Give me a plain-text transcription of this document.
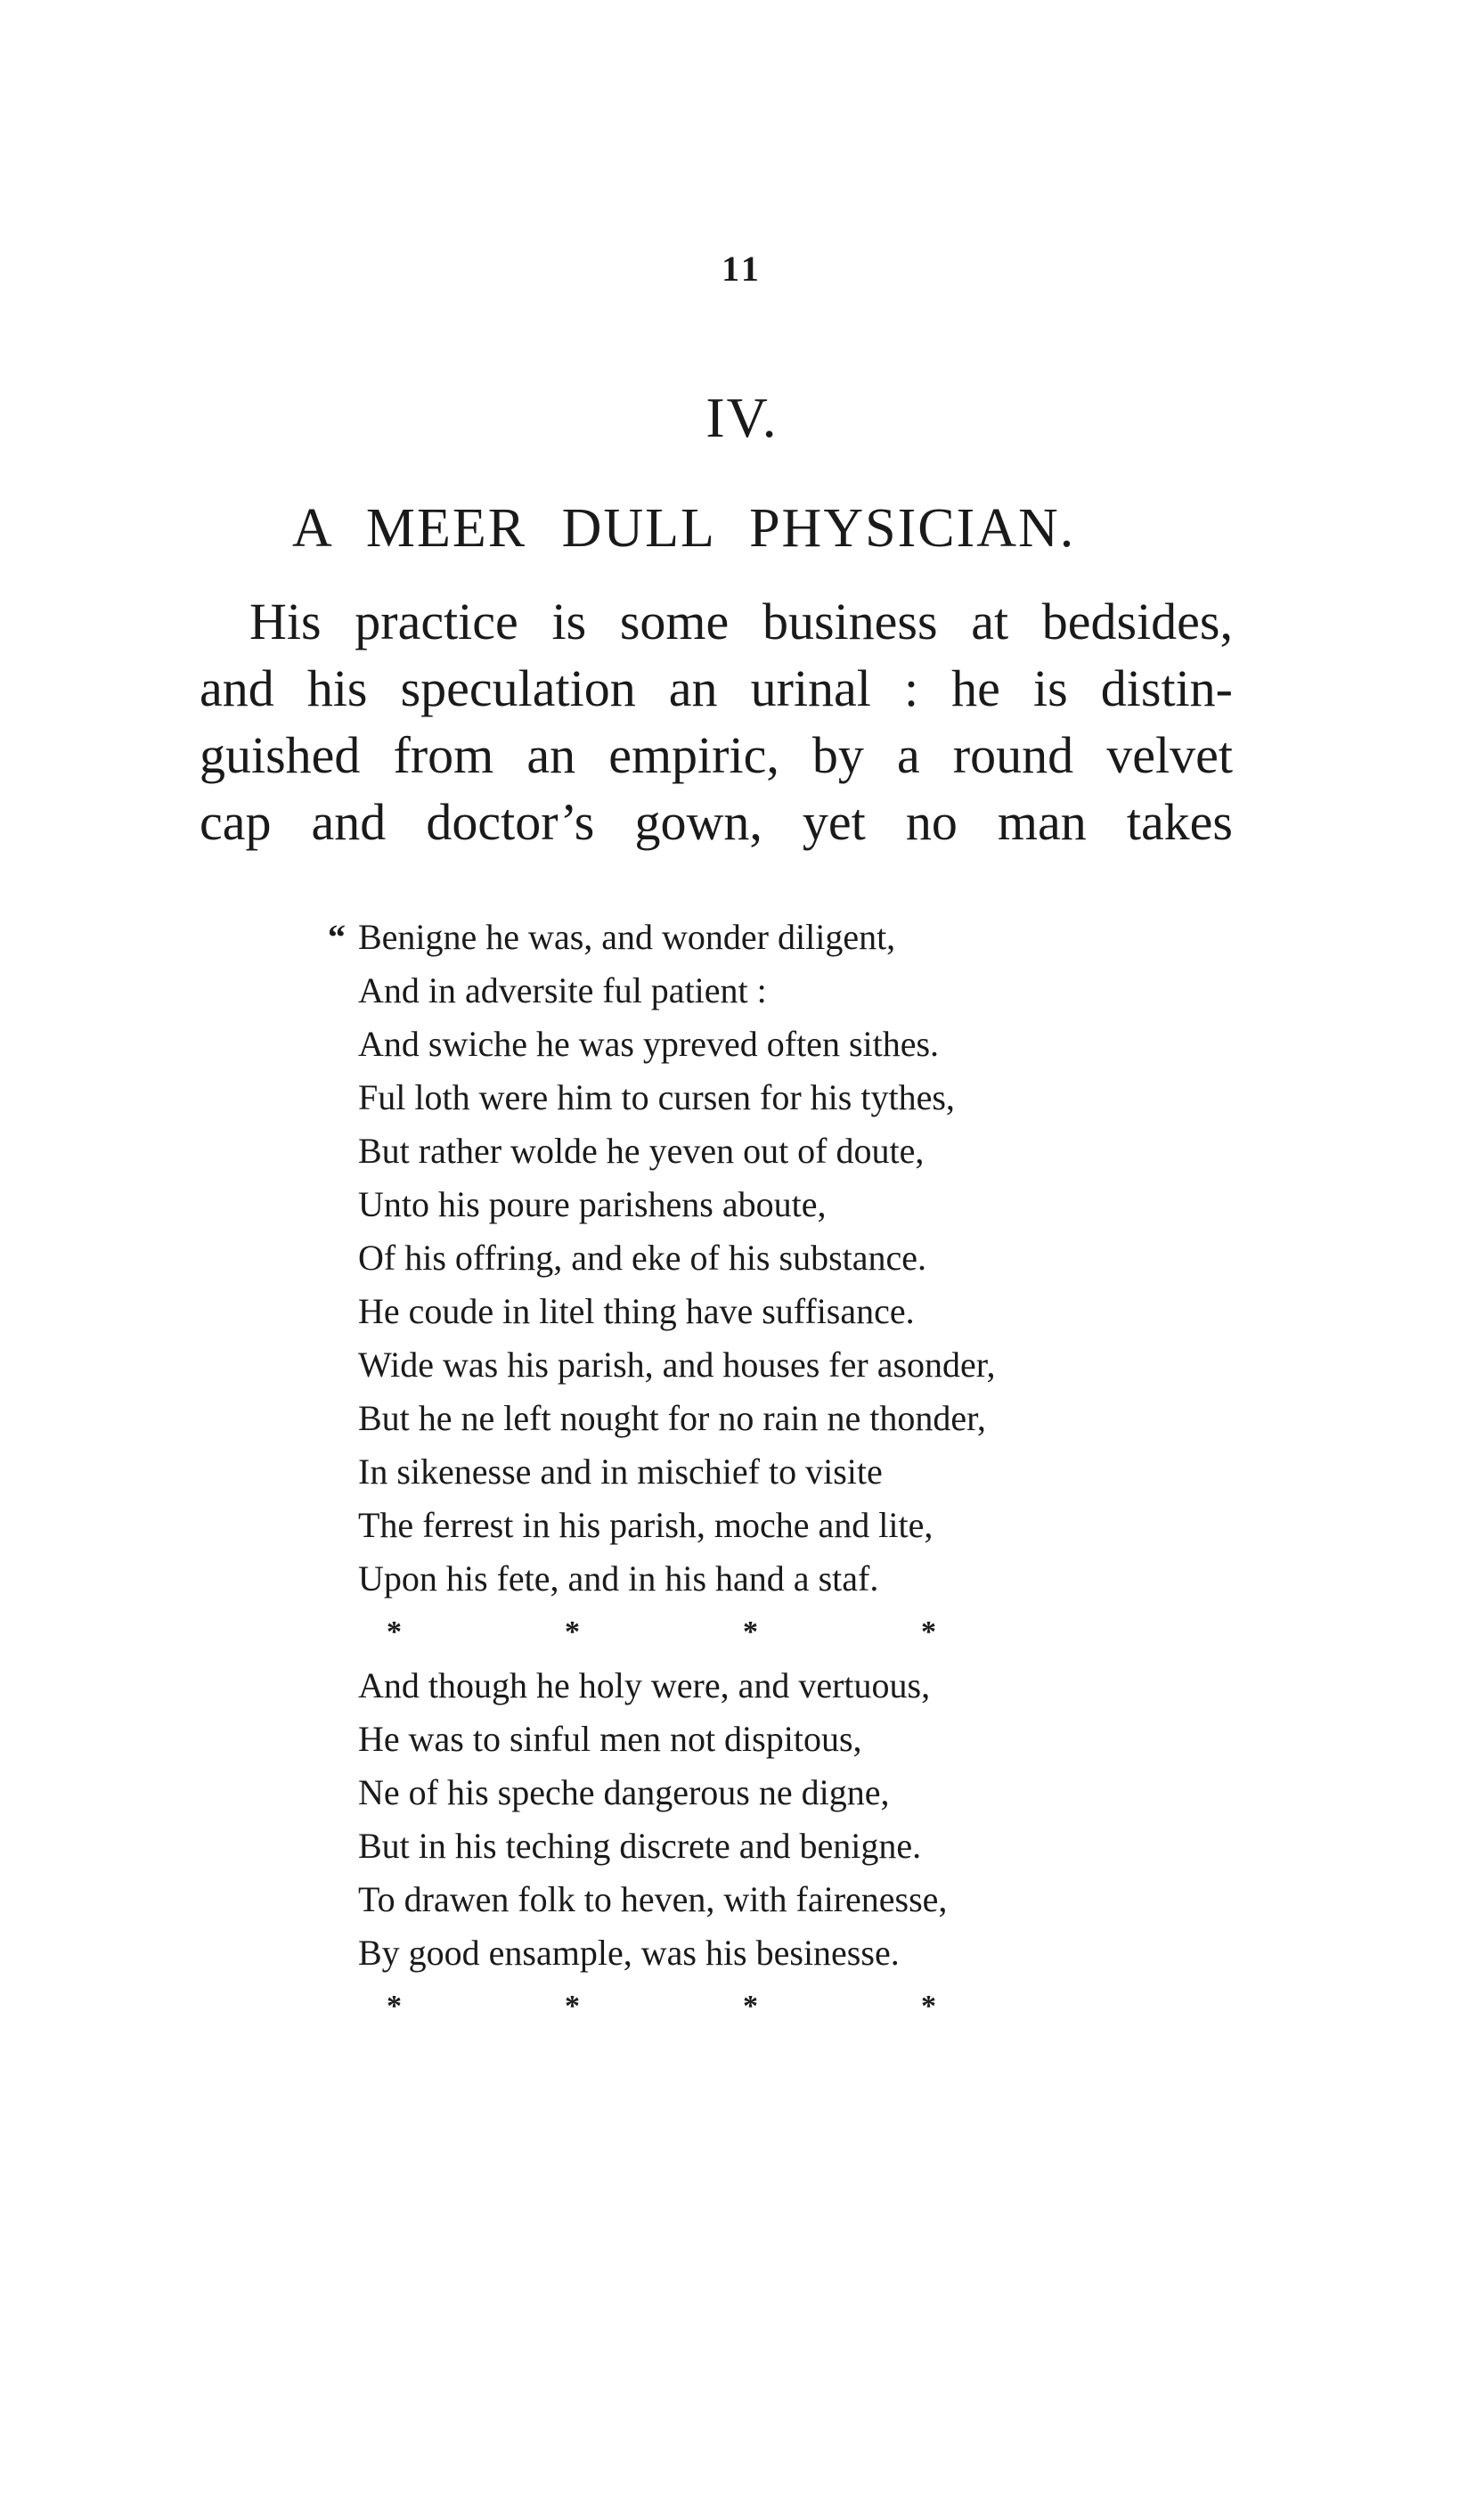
11
IV.
A MEER DULL PHYSICIAN.
His practice is some business at bedsides,
and his speculation an urinal : he is distin-
guished from an empiric, by a round velvet
cap and doctor’s gown, yet no man takes
“ Benigne he was, and wonder diligent,
And in adversite ful patient :
And swiche he was ypreved often sithes.
Ful loth were him to cursen for his tythes,
But rather wolde he yeven out of doute,
Unto his poure parishens aboute,
Of his offring, and eke of his substance.
He coude in litel thing have suffisance.
Wide was his parish, and houses fer asonder,
But he ne left nought for no rain ne thonder,
In sikenesse and in mischief to visite
The ferrest in his parish, moche and lite,
Upon his fete, and in his hand a staf.
*	*	*	*
And though he holy were, and vertuous,
He was to sinful men not dispitous,
Ne of his speche dangerous ne digne,
But in his teching discrete and benigne.
To drawen folk to heven, with fairenesse,
By good ensample, was his besinesse.
*	*	*	*
